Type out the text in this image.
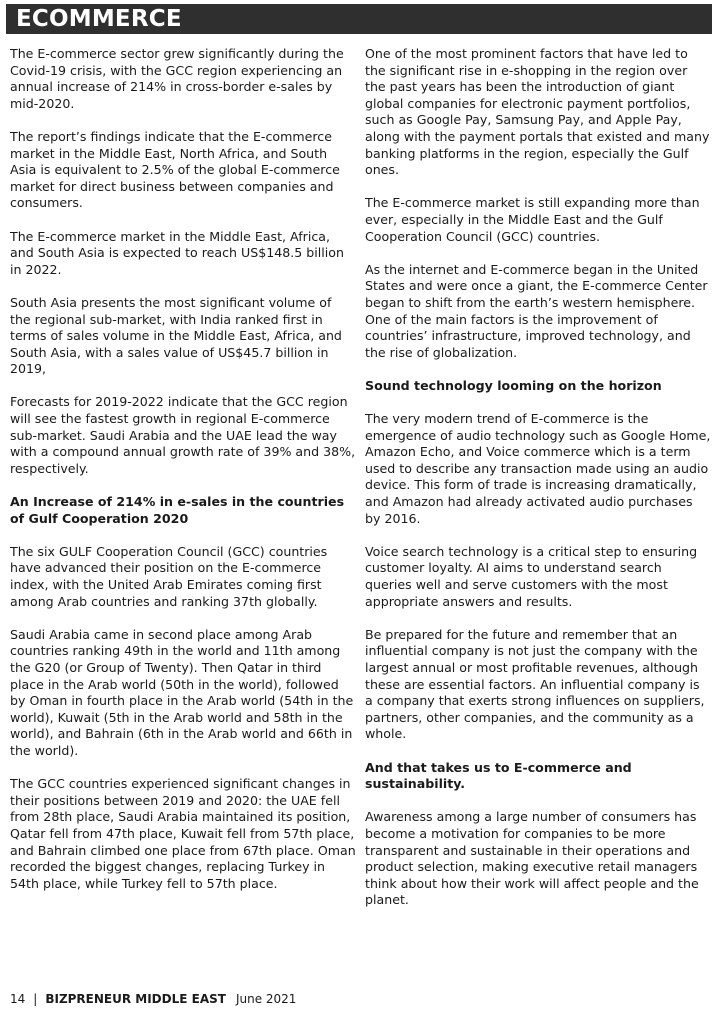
ECOMMERCE

The E-commerce sector grew significantly during the Covid-19 crisis, with the GCC region experiencing an annual increase of 214% in cross-border e-sales by mid-2020.

The report’s findings indicate that the E-commerce market in the Middle East, North Africa, and South Asia is equivalent to 2.5% of the global E-commerce market for direct business between companies and consumers.

The E-commerce market in the Middle East, Africa, and South Asia is expected to reach US$148.5 billion in 2022.

South Asia presents the most significant volume of the regional sub-market, with India ranked first in terms of sales volume in the Middle East, Africa, and South Asia, with a sales value of US$45.7 billion in 2019,

Forecasts for 2019-2022 indicate that the GCC region will see the fastest growth in regional E-commerce sub-market. Saudi Arabia and the UAE lead the way with a compound annual growth rate of 39% and 38%, respectively.

An Increase of 214% in e-sales in the countries of Gulf Cooperation 2020

The six GULF Cooperation Council (GCC) countries have advanced their position on the E-commerce index, with the United Arab Emirates coming first among Arab countries and ranking 37th globally.

Saudi Arabia came in second place among Arab countries ranking 49th in the world and 11th among the G20 (or Group of Twenty). Then Qatar in third place in the Arab world (50th in the world), followed by Oman in fourth place in the Arab world (54th in the world), Kuwait (5th in the Arab world and 58th in the world), and Bahrain (6th in the Arab world and 66th in the world).

The GCC countries experienced significant changes in their positions between 2019 and 2020: the UAE fell from 28th place, Saudi Arabia maintained its position, Qatar fell from 47th place, Kuwait fell from 57th place, and Bahrain climbed one place from 67th place. Oman recorded the biggest changes, replacing Turkey in 54th place, while Turkey fell to 57th place.

One of the most prominent factors that have led to the significant rise in e-shopping in the region over the past years has been the introduction of giant global companies for electronic payment portfolios, such as Google Pay, Samsung Pay, and Apple Pay, along with the payment portals that existed and many banking platforms in the region, especially the Gulf ones.

The E-commerce market is still expanding more than ever, especially in the Middle East and the Gulf Cooperation Council (GCC) countries.

As the internet and E-commerce began in the United States and were once a giant, the E-commerce Center began to shift from the earth’s western hemisphere. One of the main factors is the improvement of countries’ infrastructure, improved technology, and the rise of globalization.

Sound technology looming on the horizon

The very modern trend of E-commerce is the emergence of audio technology such as Google Home, Amazon Echo, and Voice commerce which is a term used to describe any transaction made using an audio device. This form of trade is increasing dramatically, and Amazon had already activated audio purchases by 2016.

Voice search technology is a critical step to ensuring customer loyalty. AI aims to understand search queries well and serve customers with the most appropriate answers and results.

Be prepared for the future and remember that an influential company is not just the company with the largest annual or most profitable revenues, although these are essential factors. An influential company is a company that exerts strong influences on suppliers, partners, other companies, and the community as a whole.

And that takes us to E-commerce and sustainability.

Awareness among a large number of consumers has become a motivation for companies to be more transparent and sustainable in their operations and product selection, making executive retail managers think about how their work will affect people and the planet.

14 | BIZPRENEUR MIDDLE EAST June 2021
